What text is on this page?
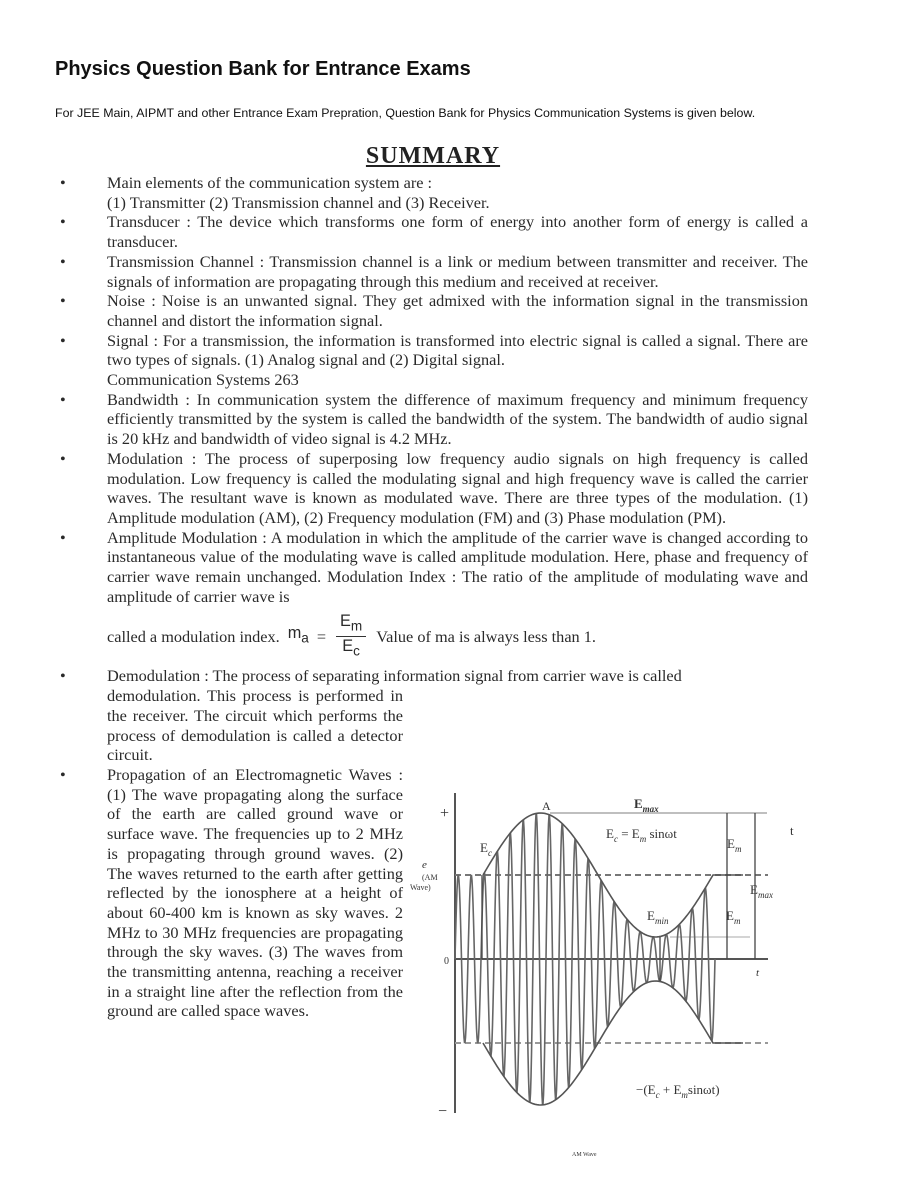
Physics Question Bank for Entrance Exams
For JEE Main, AIPMT and other Entrance Exam Prepration, Question Bank for Physics Communication Systems is given below.
SUMMARY
•	Main elements of the communication system are :
(1) Transmitter (2) Transmission channel and (3) Receiver.
•	Transducer : The device which transforms one form of energy into another form of energy is called a transducer.
•	Transmission Channel : Transmission channel is a link or medium between transmitter and receiver. The signals of information are propagating through this medium and received at receiver.
•	Noise : Noise is an unwanted signal. They get admixed with the information signal in the transmission channel and distort the information signal.
•	Signal : For a transmission, the information is transformed into electric signal is called a signal. There are two types of signals. (1) Analog signal and (2) Digital signal.
Communication Systems 263
•	Bandwidth : In communication system the difference of maximum frequency and minimum frequency efficiently transmitted by the system is called the bandwidth of the system. The bandwidth of audio signal is 20 kHz and bandwidth of video signal is 4.2 MHz.
•	Modulation : The process of superposing low frequency audio signals on high frequency is called modulation. Low frequency is called the modulating signal and high frequency wave is called the carrier waves. The resultant wave is known as modulated wave. There are three types of the modulation. (1) Amplitude modulation (AM), (2) Frequency modulation (FM) and (3) Phase modulation (PM).
•	Amplitude Modulation : A modulation in which the amplitude of the carrier wave is changed according to instantaneous value of the modulating wave is called amplitude modulation. Here, phase and frequency of carrier wave remain unchanged. Modulation Index : The ratio of the amplitude of modulating wave and amplitude of carrier wave is
called a modulation index. $m_a = \frac{E_m}{E_c}$ Value of ma is always less than 1.
•	Demodulation : The process of separating information signal from carrier wave is called
demodulation. This process is performed in the receiver. The circuit which performs the process of demodulation is called a detector circuit.
•	Propagation of an Electromagnetic Waves : (1) The wave propagating along the surface of the earth are called ground wave or surface wave. The frequencies up to 2 MHz is propagating through ground waves. (2) The waves returned to the earth after getting reflected by the ionosphere at a height of about 60-400 km is known as sky waves. 2 MHz to 30 MHz frequencies are propagating through the sky waves. (3) The waves from the transmitting antenna, reaching a receiver in a straight line after the reflection from the ground are called space waves.
+
−
0
A	$E_{max}$
$E_c = E_m$ sinωt	t
$E_c$
e
(AM
Wave)
$E_m$
$E_{max}$
$E_m$
$E_{min}$
t
$-(E_c + E_m\sin\omega t)$
AM Wave
